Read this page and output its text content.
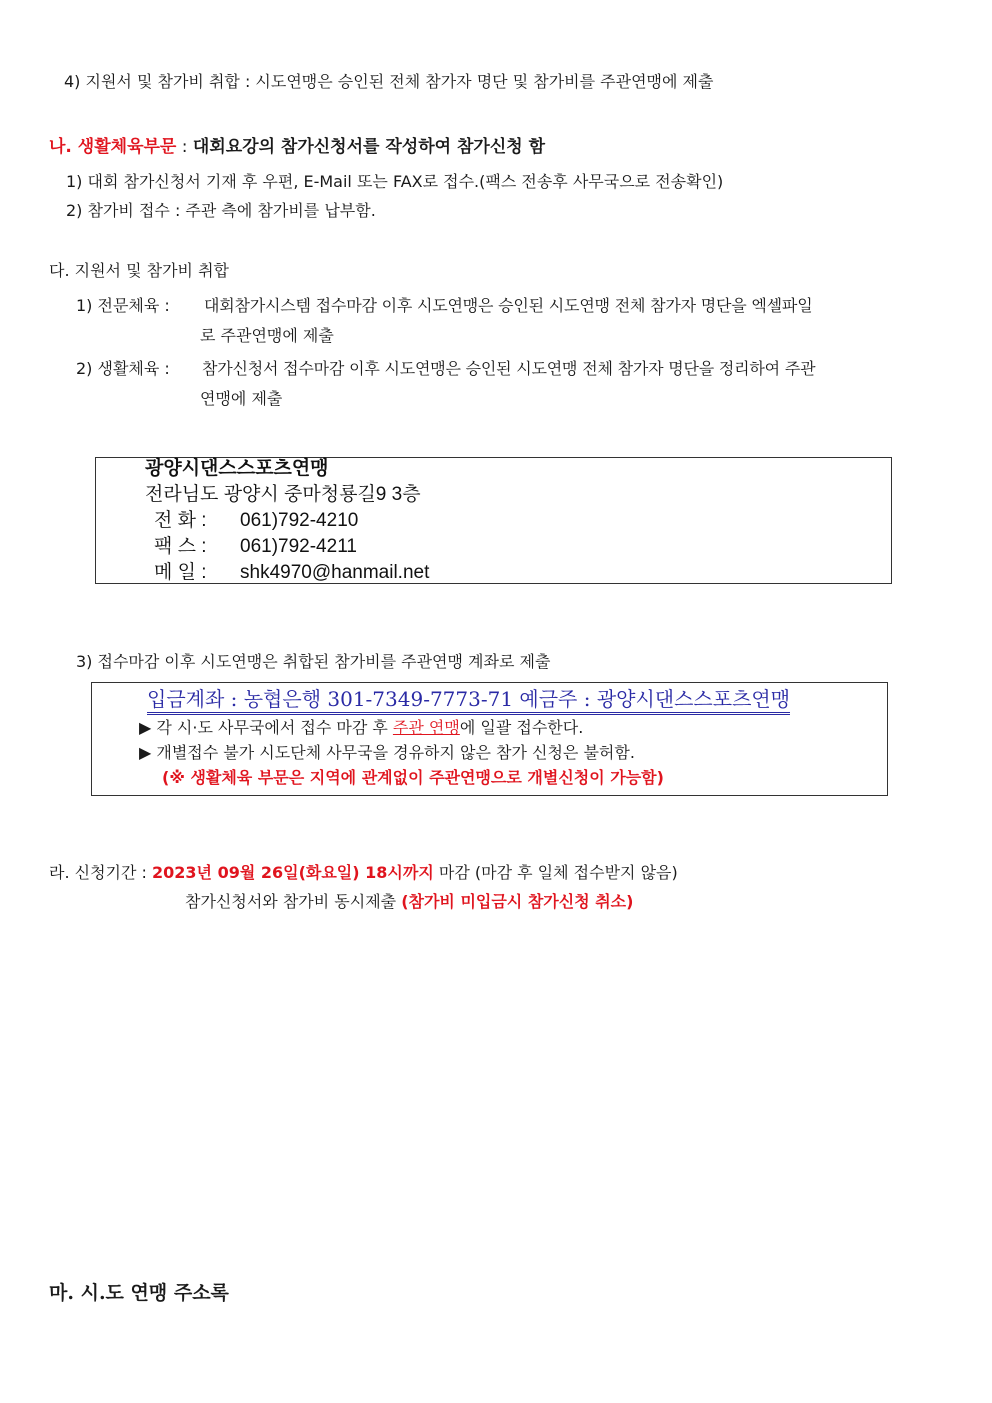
4) 지원서 및 참가비 취합 : 시도연맹은 승인된 전체 참가자 명단 및 참가비를 주관연맹에 제출
나. 생활체육부문 : 대회요강의 참가신청서를 작성하여 참가신청 함
1) 대회 참가신청서 기재 후 우편, E-Mail 또는 FAX로 접수.(팩스 전송후 사무국으로 전송확인)
2) 참가비 접수 : 주관 측에 참가비를 납부함.
다. 지원서 및 참가비 취합
1) 전문체육 : 대회참가시스템 접수마감 이후 시도연맹은 승인된 시도연맹 전체 참가자 명단을 엑셀파일
로 주관연맹에 제출
2) 생활체육 : 참가신청서 접수마감 이후 시도연맹은 승인된 시도연맹 전체 참가자 명단을 정리하여 주관
연맹에 제출
광양시댄스스포츠연맹
전라님도 광양시 중마청룡길9 3층
전 화 : 061)792-4210
팩 스 : 061)792-4211
메 일 : shk4970@hanmail.net
3) 접수마감 이후 시도연맹은 취합된 참가비를 주관연맹 계좌로 제출
입금계좌 : 농협은행 301-7349-7773-71 예금주 : 광양시댄스스포츠연맹
▶ 각 시·도 사무국에서 접수 마감 후 주관 연맹에 일괄 접수한다.
▶ 개별접수 불가 시도단체 사무국을 경유하지 않은 참가 신청은 불허함.
(※ 생활체육 부문은 지역에 관계없이 주관연맹으로 개별신청이 가능함)
라. 신청기간 : 2023년 09월 26일(화요일) 18시까지 마감 (마감 후 일체 접수받지 않음)
참가신청서와 참가비 동시제출 (참가비 미입금시 참가신청 취소)
마. 시.도 연맹 주소록
